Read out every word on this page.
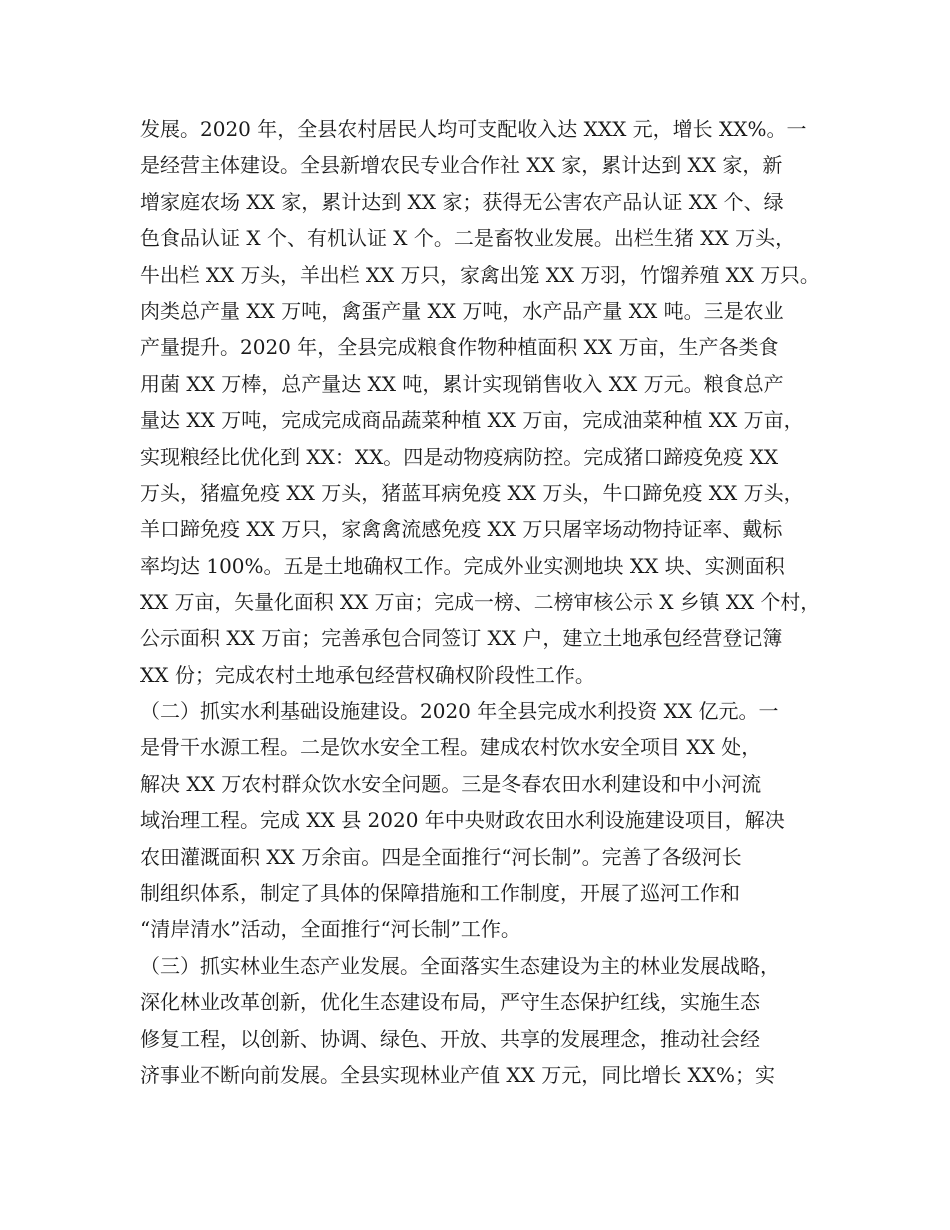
发展。2020 年，全县农村居民人均可支配收入达 XXX 元，增长 XX%。一
是经营主体建设。全县新增农民专业合作社 XX 家，累计达到 XX 家，新
增家庭农场 XX 家，累计达到 XX 家；获得无公害农产品认证 XX 个、绿
色食品认证 X 个、有机认证 X 个。二是畜牧业发展。出栏生猪 XX 万头，
牛出栏 XX 万头，羊出栏 XX 万只，家禽出笼 XX 万羽，竹馏养殖 XX 万只。
肉类总产量 XX 万吨，禽蛋产量 XX 万吨，水产品产量 XX 吨。三是农业
产量提升。2020 年，全县完成粮食作物种植面积 XX 万亩，生产各类食
用菌 XX 万棒，总产量达 XX 吨，累计实现销售收入 XX 万元。粮食总产
量达 XX 万吨，完成完成商品蔬菜种植 XX 万亩，完成油菜种植 XX 万亩，
实现粮经比优化到 XX：XX。四是动物疫病防控。完成猪口蹄疫免疫 XX
万头，猪瘟免疫 XX 万头，猪蓝耳病免疫 XX 万头，牛口蹄免疫 XX 万头，
羊口蹄免疫 XX 万只，家禽禽流感免疫 XX 万只屠宰场动物持证率、戴标
率均达 100%。五是土地确权工作。完成外业实测地块 XX 块、实测面积
XX 万亩，矢量化面积 XX 万亩；完成一榜、二榜审核公示 X 乡镇 XX 个村，
公示面积 XX 万亩；完善承包合同签订 XX 户，建立土地承包经营登记簿
XX 份；完成农村土地承包经营权确权阶段性工作。
（二）抓实水利基础设施建设。2020 年全县完成水利投资 XX 亿元。一
是骨干水源工程。二是饮水安全工程。建成农村饮水安全项目 XX 处，
解决 XX 万农村群众饮水安全问题。三是冬春农田水利建设和中小河流
域治理工程。完成 XX 县 2020 年中央财政农田水利设施建设项目，解决
农田灌溉面积 XX 万余亩。四是全面推行“河长制”。完善了各级河长
制组织体系，制定了具体的保障措施和工作制度，开展了巡河工作和
“清岸清水”活动，全面推行“河长制”工作。
（三）抓实林业生态产业发展。全面落实生态建设为主的林业发展战略，
深化林业改革创新，优化生态建设布局，严守生态保护红线，实施生态
修复工程，以创新、协调、绿色、开放、共享的发展理念，推动社会经
济事业不断向前发展。全县实现林业产值 XX 万元，同比增长 XX%；实
